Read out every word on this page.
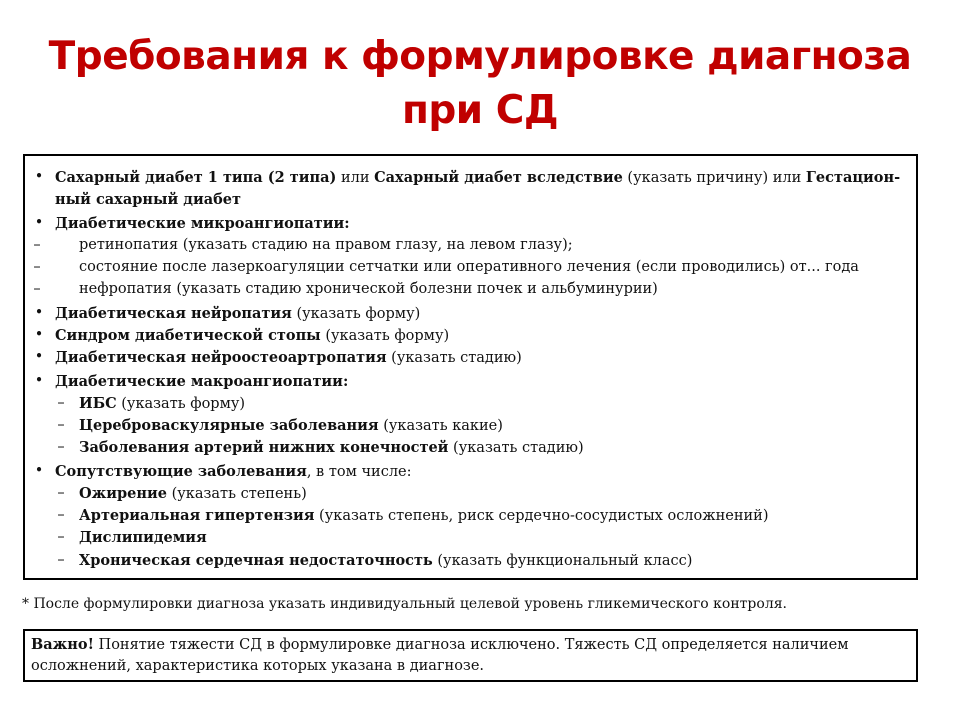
Требования к формулировке диагноза
при СД
• Сахарный диабет 1 типа (2 типа) или Сахарный диабет вследствие (указать причину) или Гестацион-
ный сахарный диабет
• Диабетические микроангиопатии:
–	ретинопатия (указать стадию на правом глазу, на левом глазу);
–	состояние после лазеркоагуляции сетчатки или оперативного лечения (если проводились) от... года
–	нефропатия (указать стадию хронической болезни почек и альбуминурии)
• Диабетическая нейропатия (указать форму)
• Синдром диабетической стопы (указать форму)
• Диабетическая нейроостеоартропатия (указать стадию)
• Диабетические макроангиопатии:
– ИБС (указать форму)
– Цереброваскулярные заболевания (указать какие)
– Заболевания артерий нижних конечностей (указать стадию)
• Сопутствующие заболевания, в том числе:
– Ожирение (указать степень)
– Артериальная гипертензия (указать степень, риск сердечно-сосудистых осложнений)
– Дислипидемия
– Хроническая сердечная недостаточность (указать функциональный класс)
* После формулировки диагноза указать индивидуальный целевой уровень гликемического контроля.
Важно! Понятие тяжести СД в формулировке диагноза исключено. Тяжесть СД определяется наличием осложнений, характеристика которых указана в диагнозе.
